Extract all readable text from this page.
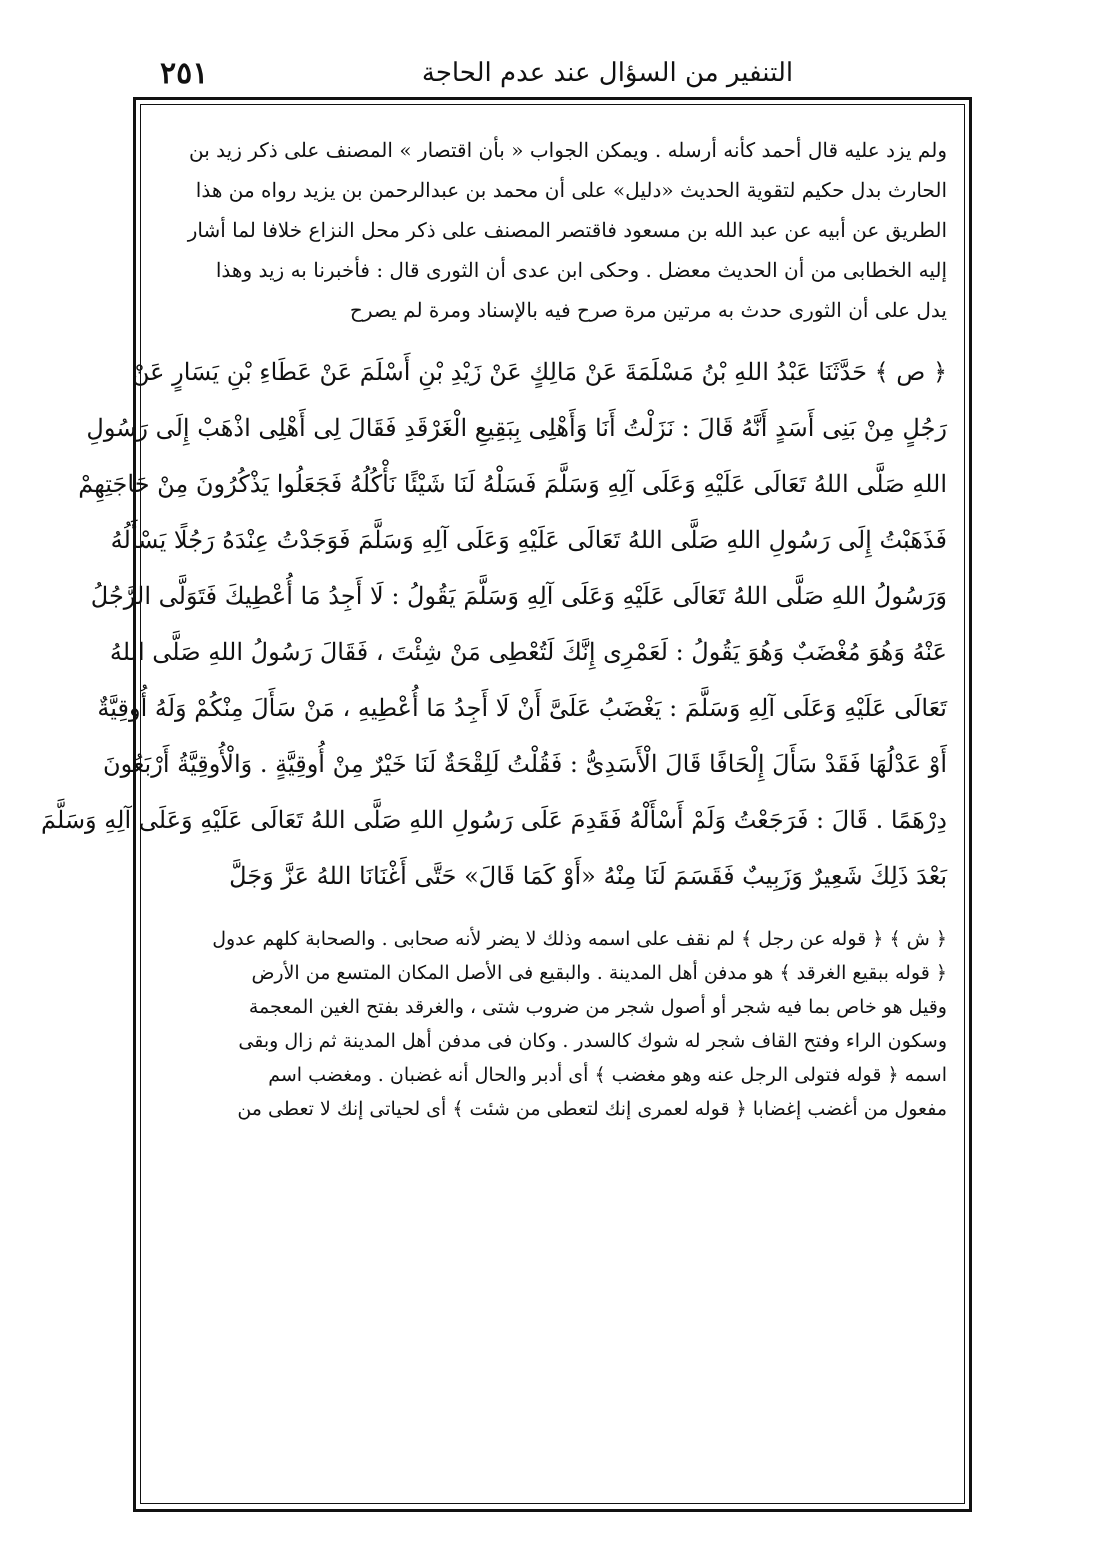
٢٥١	التنفير من السؤال عند عدم الحاجة
ولم يزد عليه قال أحمد كأنه أرسله . ويمكن الجواب « بأن اقتصار » المصنف على ذكر زيد بن
الحارث بدل حكيم لتقوية الحديث «دليل» على أن محمد بن عبدالرحمن بن يزيد رواه من هذا
الطريق عن أبيه عن عبد الله بن مسعود فاقتصر المصنف على ذكر محل النزاع خلافا لما أشار
إليه الخطابى من أن الحديث معضل . وحكى ابن عدى أن الثورى قال : فأخبرنا به زيد وهذا
يدل على أن الثورى حدث به مرتين مرة صرح فيه بالإسناد ومرة لم يصرح
﴿ ص ﴾ حَدَّثَنَا عَبْدُ اللهِ بْنُ مَسْلَمَةَ عَنْ مَالِكٍ عَنْ زَيْدِ بْنِ أَسْلَمَ عَنْ عَطَاءِ بْنِ يَسَارٍ عَنْ
رَجُلٍ مِنْ بَنِى أَسَدٍ أَنَّهُ قَالَ : نَزَلْتُ أَنَا وَأَهْلِى بِبَقِيعِ الْغَرْقَدِ فَقَالَ لِى أَهْلِى اذْهَبْ إِلَى رَسُولِ
اللهِ صَلَّى اللهُ تَعَالَى عَلَيْهِ وَعَلَى آلِهِ وَسَلَّمَ فَسَلْهُ لَنَا شَيْئًا نَأْكُلُهُ فَجَعَلُوا يَذْكُرُونَ مِنْ حَاجَتِهِمْ
فَذَهَبْتُ إِلَى رَسُولِ اللهِ صَلَّى اللهُ تَعَالَى عَلَيْهِ وَعَلَى آلِهِ وَسَلَّمَ فَوَجَدْتُ عِنْدَهُ رَجُلًا يَسْأَلُهُ
وَرَسُولُ اللهِ صَلَّى اللهُ تَعَالَى عَلَيْهِ وَعَلَى آلِهِ وَسَلَّمَ يَقُولُ : لَا أَجِدُ مَا أُعْطِيكَ فَتَوَلَّى الرَّجُلُ
عَنْهُ وَهُوَ مُغْضَبٌ وَهُوَ يَقُولُ : لَعَمْرِى إِنَّكَ لَتُعْطِى مَنْ شِئْتَ ، فَقَالَ رَسُولُ اللهِ صَلَّى اللهُ
تَعَالَى عَلَيْهِ وَعَلَى آلِهِ وَسَلَّمَ : يَغْضَبُ عَلَىَّ أَنْ لَا أَجِدُ مَا أُعْطِيهِ ، مَنْ سَأَلَ مِنْكُمْ وَلَهُ أُوقِيَّةٌ
أَوْ عَدْلُهَا فَقَدْ سَأَلَ إِلْحَافًا قَالَ الْأَسَدِىُّ : فَقُلْتُ لَلِقْحَةٌ لَنَا خَيْرٌ مِنْ أُوقِيَّةٍ . وَالْأُوقِيَّةُ أَرْبَعُونَ
دِرْهَمًا . قَالَ : فَرَجَعْتُ وَلَمْ أَسْأَلْهُ فَقَدِمَ عَلَى رَسُولِ اللهِ صَلَّى اللهُ تَعَالَى عَلَيْهِ وَعَلَى آلِهِ وَسَلَّمَ
بَعْدَ ذَلِكَ شَعِيرٌ وَزَبِيبٌ فَقَسَمَ لَنَا مِنْهُ «أَوْ كَمَا قَالَ» حَتَّى أَغْنَانَا اللهُ عَزَّ وَجَلَّ
﴿ ش ﴾ ﴿ قوله عن رجل ﴾ لم نقف على اسمه وذلك لا يضر لأنه صحابى . والصحابة كلهم عدول
﴿ قوله ببقيع الغرقد ﴾ هو مدفن أهل المدينة . والبقيع فى الأصل المكان المتسع من الأرض
وقيل هو خاص بما فيه شجر أو أصول شجر من ضروب شتى ، والغرقد بفتح الغين المعجمة
وسكون الراء وفتح القاف شجر له شوك كالسدر . وكان فى مدفن أهل المدينة ثم زال وبقى
اسمه ﴿ قوله فتولى الرجل عنه وهو مغضب ﴾ أى أدبر والحال أنه غضبان . ومغضب اسم
مفعول من أغضب إغضابا ﴿ قوله لعمرى إنك لتعطى من شئت ﴾ أى لحياتى إنك لا تعطى من
